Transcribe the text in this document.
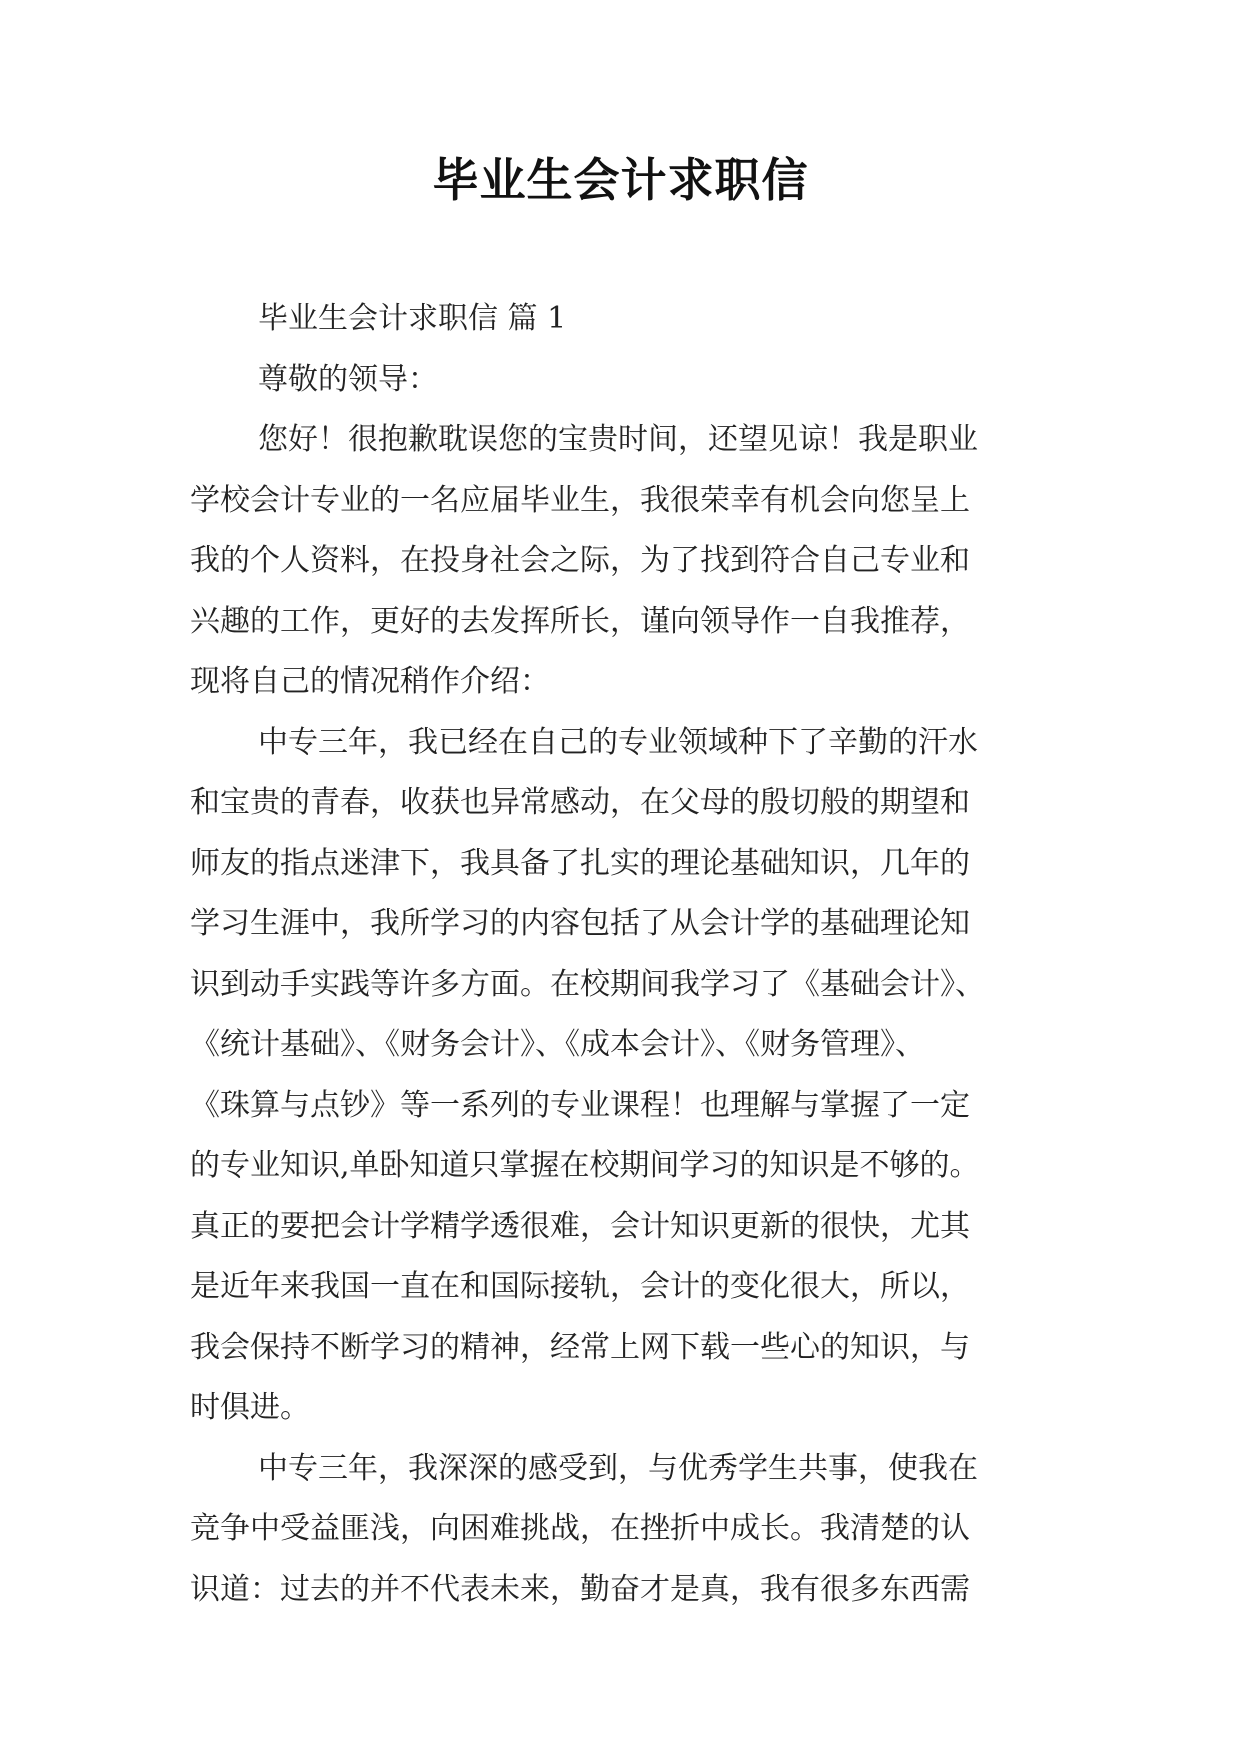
毕业生会计求职信
毕业生会计求职信 篇 1
尊敬的领导：
您好！很抱歉耽误您的宝贵时间，还望见谅！我是职业
学校会计专业的一名应届毕业生，我很荣幸有机会向您呈上
我的个人资料，在投身社会之际，为了找到符合自己专业和
兴趣的工作，更好的去发挥所长，谨向领导作一自我推荐，
现将自己的情况稍作介绍：
中专三年，我已经在自己的专业领域种下了辛勤的汗水
和宝贵的青春，收获也异常感动，在父母的殷切般的期望和
师友的指点迷津下，我具备了扎实的理论基础知识，几年的
学习生涯中，我所学习的内容包括了从会计学的基础理论知
识到动手实践等许多方面。在校期间我学习了《基础会计》、
《统计基础》、《财务会计》、《成本会计》、《财务管理》、
《珠算与点钞》等一系列的专业课程！也理解与掌握了一定
的专业知识,单卧知道只掌握在校期间学习的知识是不够的。
真正的要把会计学精学透很难，会计知识更新的很快，尤其
是近年来我国一直在和国际接轨，会计的变化很大，所以，
我会保持不断学习的精神，经常上网下载一些心的知识，与
时俱进。
中专三年，我深深的感受到，与优秀学生共事，使我在
竞争中受益匪浅，向困难挑战，在挫折中成长。我清楚的认
识道：过去的并不代表未来，勤奋才是真，我有很多东西需
